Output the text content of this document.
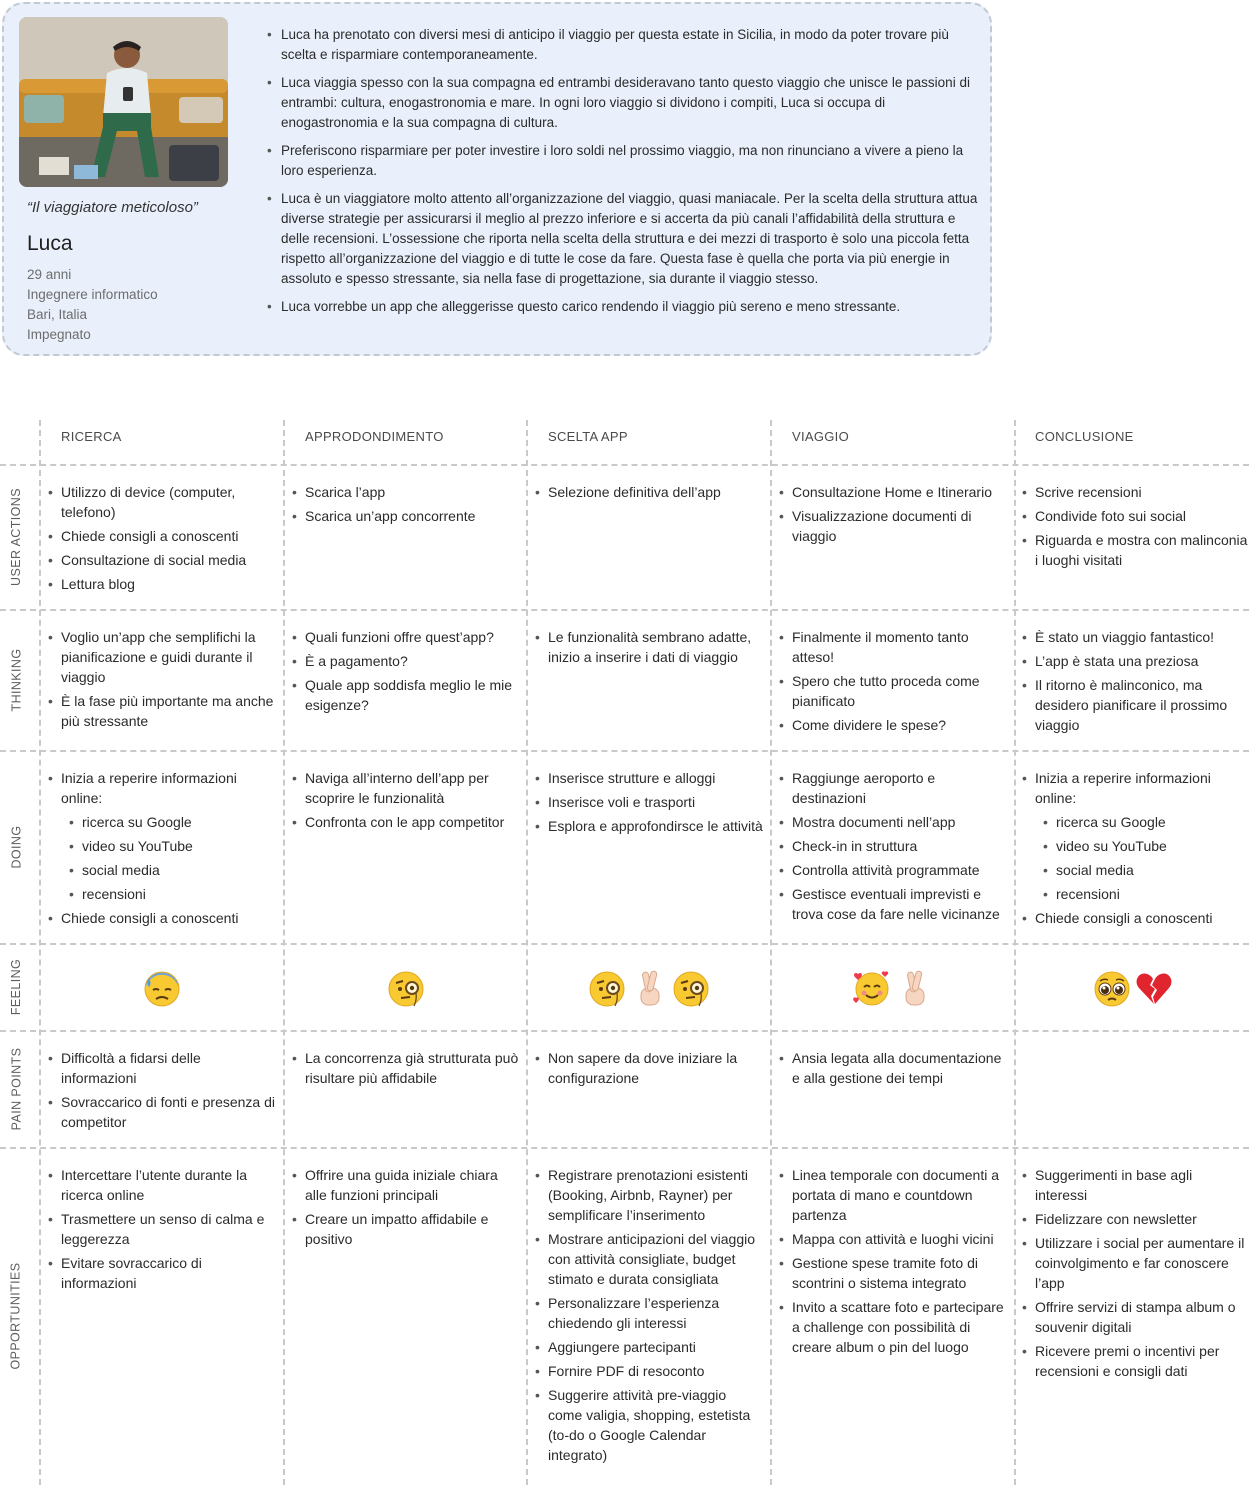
“Il viaggiatore meticoloso”
Luca
29 anni
Ingegnere informatico
Bari, Italia
Impegnato
• Luca ha prenotato con diversi mesi di anticipo il viaggio per questa estate in Sicilia, in modo da poter trovare più scelta e risparmiare contemporaneamente.
• Luca viaggia spesso con la sua compagna ed entrambi desideravano tanto questo viaggio che unisce le passioni di entrambi: cultura, enogastronomia e mare. In ogni loro viaggio si dividono i compiti, Luca si occupa di enogastronomia e la sua compagna di cultura.
• Preferiscono risparmiare per poter investire i loro soldi nel prossimo viaggio, ma non rinunciano a vivere a pieno la loro esperienza.
• Luca è un viaggiatore molto attento all’organizzazione del viaggio, quasi maniacale. Per la scelta della struttura attua diverse strategie per assicurarsi il meglio al prezzo inferiore e si accerta da più canali l’affidabilità della struttura e delle recensioni. L’ossessione che riporta nella scelta della struttura e dei mezzi di trasporto è solo una piccola fetta rispetto all’organizzazione del viaggio e di tutte le cose da fare. Questa fase è quella che porta via più energie in assoluto e spesso stressante, sia nella fase di progettazione, sia durante il viaggio stesso.
• Luca vorrebbe un app che alleggerisse questo carico rendendo il viaggio più sereno e meno stressante.
RICERCA	APPRODONDIMENTO	SCELTA APP	VIAGGIO	CONCLUSIONE
USER ACTIONS
THINKING
DOING
FEELING
PAIN POINTS
OPPORTUNITIES
• Utilizzo di device (computer, telefono)
• Chiede consigli a conoscenti
• Consultazione di social media
• Lettura blog
• Scarica l’app
• Scarica un’app concorrente
• Selezione definitiva dell’app
•	Consultazione Home e Itinerario
• Visualizzazione documenti di viaggio
• Scrive recensioni
• Condivide foto sui social
• Riguarda e mostra con malinconia i luoghi visitati
• Voglio un’app che semplifichi la pianificazione e guidi durante il viaggio
• È la fase più importante ma anche più stressante
• Quali funzioni offre quest’app?
• È a pagamento?
• Quale app soddisfa meglio le mie esigenze?
• Le funzionalità sembrano adatte, inizio a inserire i dati di viaggio
• Finalmente il momento tanto atteso!
• Spero che tutto proceda come pianificato
• Come dividere le spese?
• È stato un viaggio fantastico!
• L’app è stata una preziosa
• Il ritorno è malinconico, ma desidero pianificare il prossimo viaggio
• Inizia a reperire informazioni online:
• ricerca su Google
• video su YouTube
• social media
• recensioni
• Chiede consigli a conoscenti
• Naviga all’interno dell’app per scoprire le funzionalità
• Confronta con le app competitor
• Inserisce strutture e alloggi
• Inserisce voli e trasporti
• Esplora e approfondirsce le attività
• Raggiunge aeroporto e destinazioni
• Mostra documenti nell’app
• Check-in in struttura
• Controlla attività programmate
• Gestisce eventuali imprevisti e trova cose da fare nelle vicinanze
• Inizia a reperire informazioni online:
• ricerca su Google
• video su YouTube
• social media
• recensioni
• Chiede consigli a conoscenti
• Difficoltà a fidarsi delle informazioni
• Sovraccarico di fonti e presenza di competitor
• La concorrenza già strutturata può risultare più affidabile
• Non sapere da dove iniziare la configurazione
• Ansia legata alla documentazione e alla gestione dei tempi
• Intercettare l’utente durante la ricerca online
• Trasmettere un senso di calma e leggerezza
• Evitare sovraccarico di informazioni
• Offrire una guida iniziale chiara alle funzioni principali
• Creare un impatto affidabile e positivo
• Registrare prenotazioni esistenti (Booking, Airbnb, Rayner) per semplificare l’inserimento
• Mostrare anticipazioni del viaggio con attività consigliate, budget stimato e durata consigliata
• Personalizzare l’esperienza chiedendo gli interessi
• Aggiungere partecipanti
• Fornire PDF di resoconto
• Suggerire attività pre-viaggio come valigia, shopping, estetista (to-do o Google Calendar integrato)
• Linea temporale con documenti a portata di mano e countdown partenza
• Mappa con attività e luoghi vicini
• Gestione spese tramite foto di scontrini o sistema integrato
• Invito a scattare foto e partecipare a challenge con possibilità di creare album o pin del luogo
• Suggerimenti in base agli interessi
• Fidelizzare con newsletter
• Utilizzare i social per aumentare il coinvolgimento e far conoscere l’app
• Offrire servizi di stampa album o souvenir digitali
• Ricevere premi o incentivi per recensioni e consigli dati
